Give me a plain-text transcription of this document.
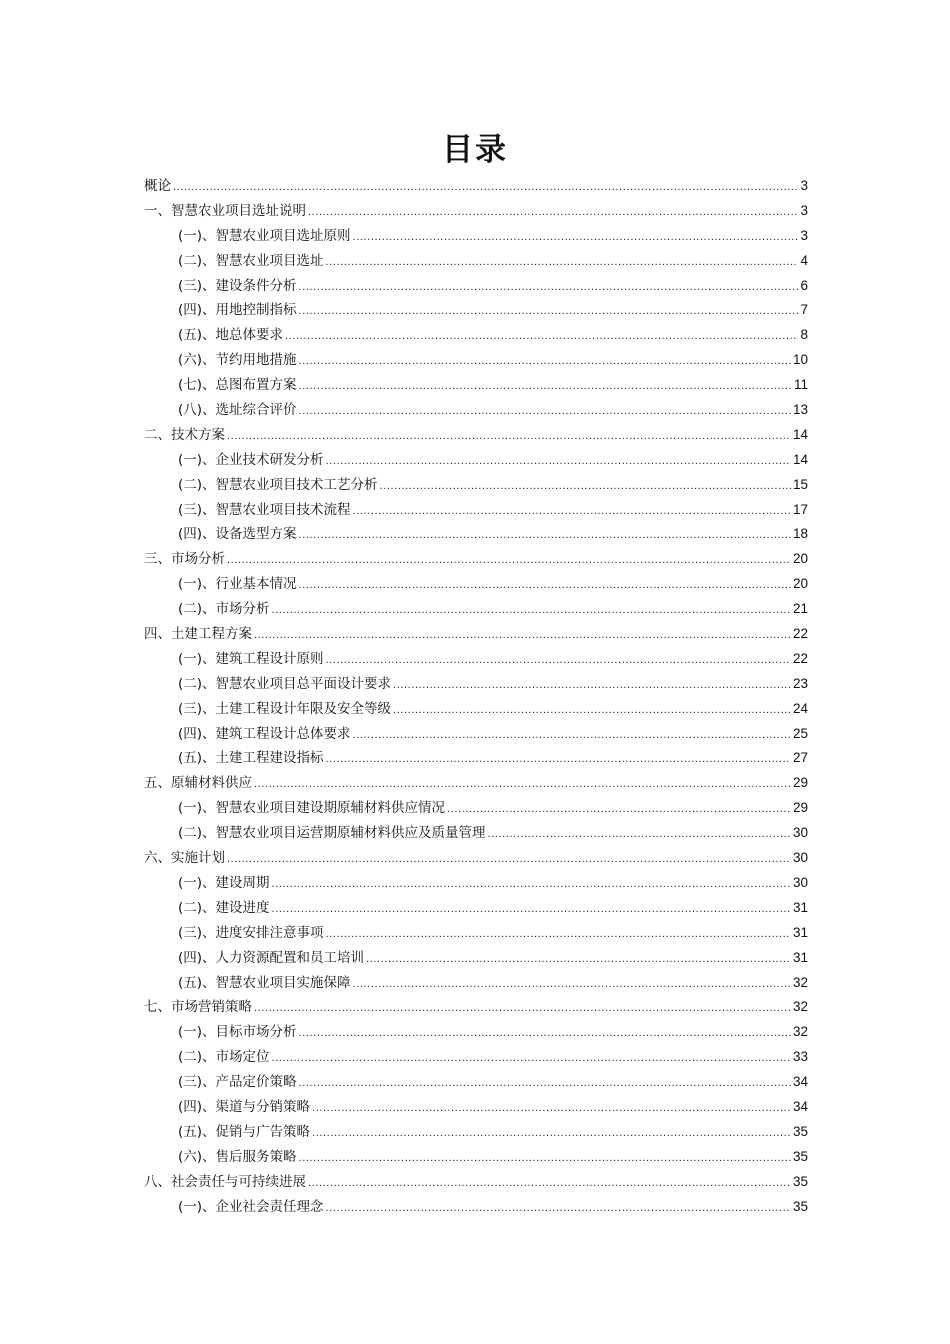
目录
概论 .....	3
一、智慧农业项目选址说明 .....	3
(一)、智慧农业项目选址原则 .....	3
(二)、智慧农业项目选址 .....	4
(三)、建设条件分析 .....	6
(四)、用地控制指标 .....	7
(五)、地总体要求 .....	8
(六)、节约用地措施 .....	10
(七)、总图布置方案 .....	11
(八)、选址综合评价 .....	13
二、技术方案 .....	14
(一)、企业技术研发分析 .....	14
(二)、智慧农业项目技术工艺分析 .....	15
(三)、智慧农业项目技术流程 .....	17
(四)、设备选型方案 .....	18
三、市场分析 .....	20
(一)、行业基本情况 .....	20
(二)、市场分析 .....	21
四、土建工程方案 .....	22
(一)、建筑工程设计原则 .....	22
(二)、智慧农业项目总平面设计要求 .....	23
(三)、土建工程设计年限及安全等级 .....	24
(四)、建筑工程设计总体要求 .....	25
(五)、土建工程建设指标 .....	27
五、原辅材料供应 .....	29
(一)、智慧农业项目建设期原辅材料供应情况 .....	29
(二)、智慧农业项目运营期原辅材料供应及质量管理 .....	30
六、实施计划 .....	30
(一)、建设周期 .....	30
(二)、建设进度 .....	31
(三)、进度安排注意事项 .....	31
(四)、人力资源配置和员工培训 .....	31
(五)、智慧农业项目实施保障 .....	32
七、市场营销策略 .....	32
(一)、目标市场分析 .....	32
(二)、市场定位 .....	33
(三)、产品定价策略 .....	34
(四)、渠道与分销策略 .....	34
(五)、促销与广告策略 .....	35
(六)、售后服务策略 .....	35
八、社会责任与可持续进展 .....	35
(一)、企业社会责任理念 .....	35
